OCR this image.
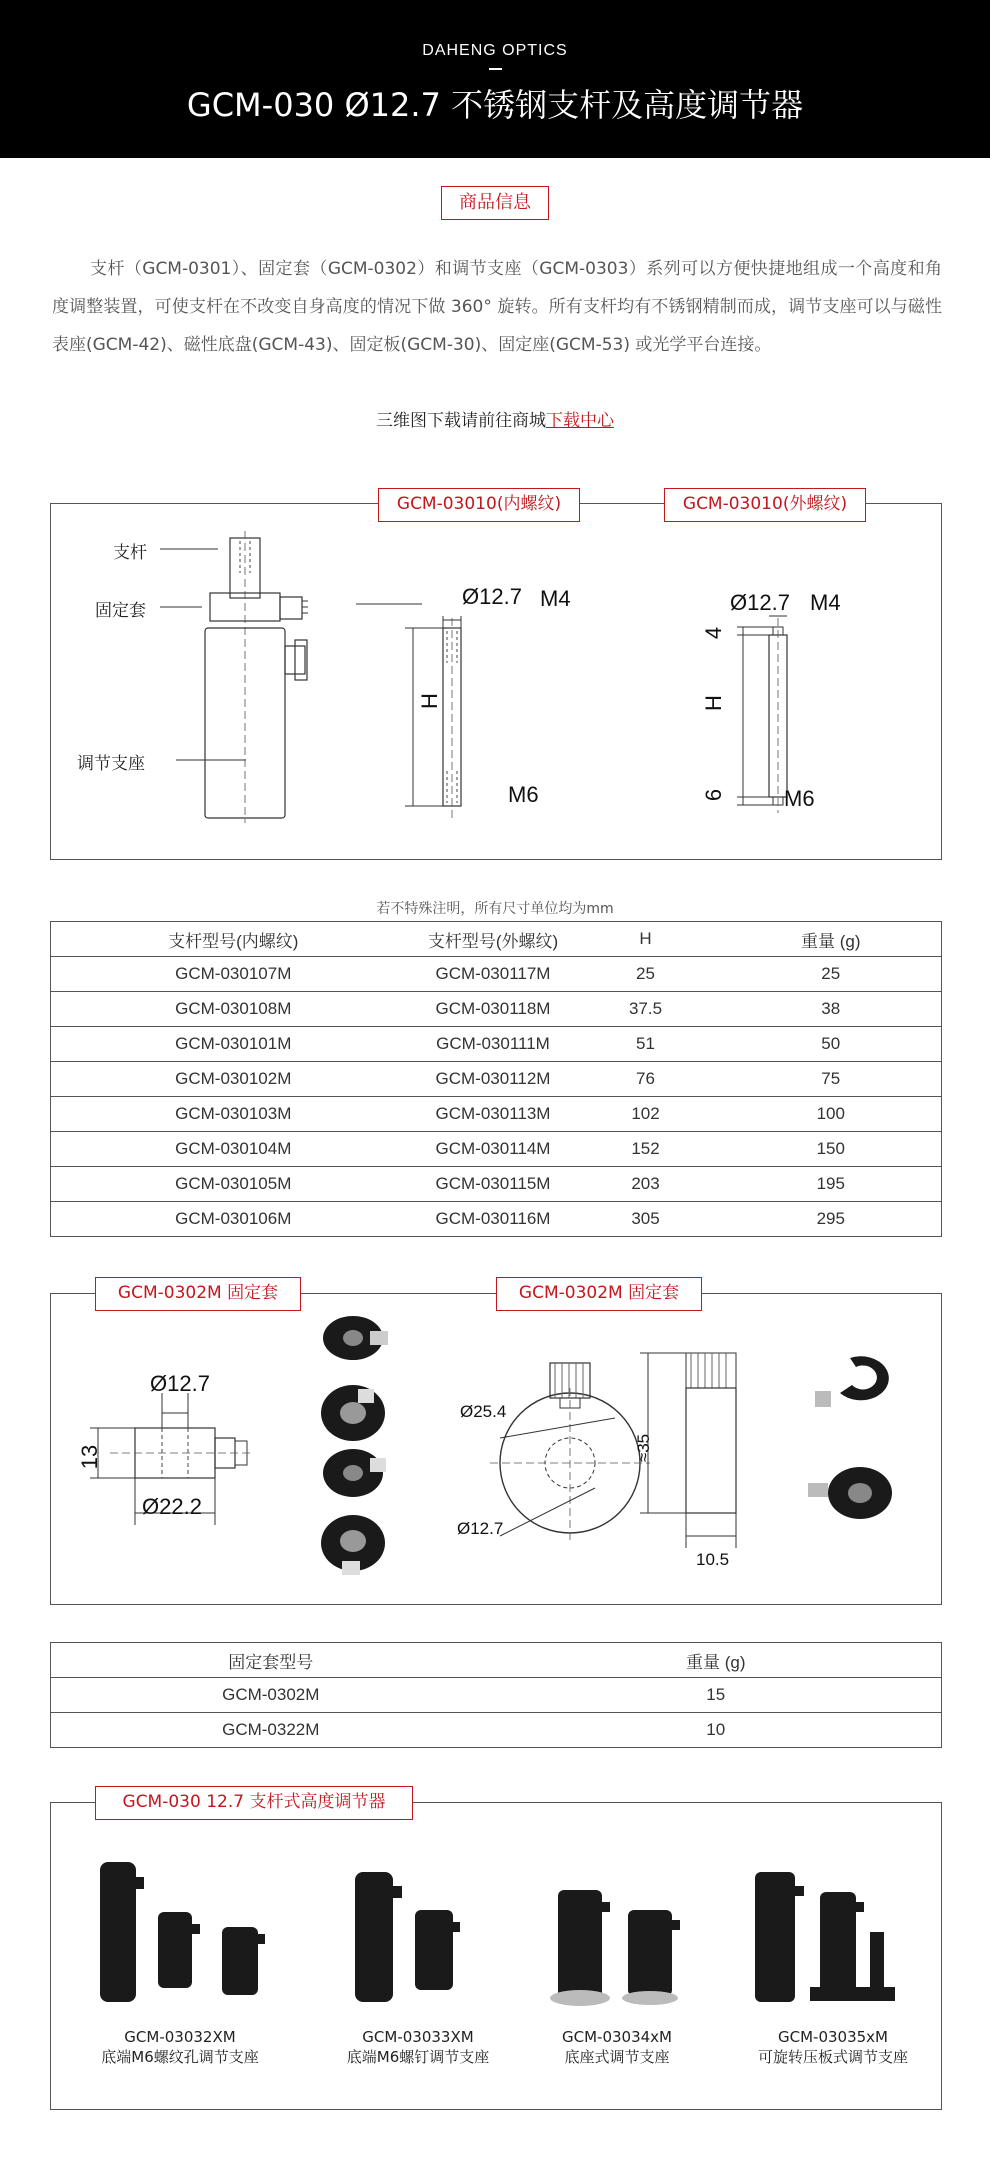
DAHENG OPTICS
GCM-030 Ø12.7 不锈钢支杆及高度调节器
商品信息
支杆（GCM-0301）、固定套（GCM-0302）和调节支座（GCM-0303）系列可以方便快捷地组成一个高度和角度调整装置，可使支杆在不改变自身高度的情况下做 360° 旋转。所有支杆均有不锈钢精制而成，调节支座可以与磁性表座(GCM-42)、磁性底盘(GCM-43)、固定板(GCM-30)、固定座(GCM-53) 或光学平台连接。
三维图下载请前往商城下载中心
GCM-03010(内螺纹)	GCM-03010(外螺纹)
支杆
固定套
调节支座
Ø12.7 M4
H
M6
Ø12.7 M4
4
H
6	M6
若不特殊注明，所有尺寸单位均为mm
支杆型号(内螺纹)	支杆型号(外螺纹)	H	重量 (g)
GCM-030107M	GCM-030117M	25	25
GCM-030108M	GCM-030118M	37.5	38
GCM-030101M	GCM-030111M	51	50
GCM-030102M	GCM-030112M	76	75
GCM-030103M	GCM-030113M	102	100
GCM-030104M	GCM-030114M	152	150
GCM-030105M	GCM-030115M	203	195
GCM-030106M	GCM-030116M	305	295
GCM-0302M 固定套	GCM-0302M 固定套
Ø12.7
13
Ø22.2
Ø25.4
Ø12.7
≈35
10.5
固定套型号	重量 (g)
GCM-0302M	15
GCM-0322M	10
GCM-030 12.7 支杆式高度调节器
GCM-03032XM
底端M6螺纹孔调节支座
GCM-03033XM
底端M6螺钉调节支座
GCM-03034xM
底座式调节支座
GCM-03035xM
可旋转压板式调节支座
